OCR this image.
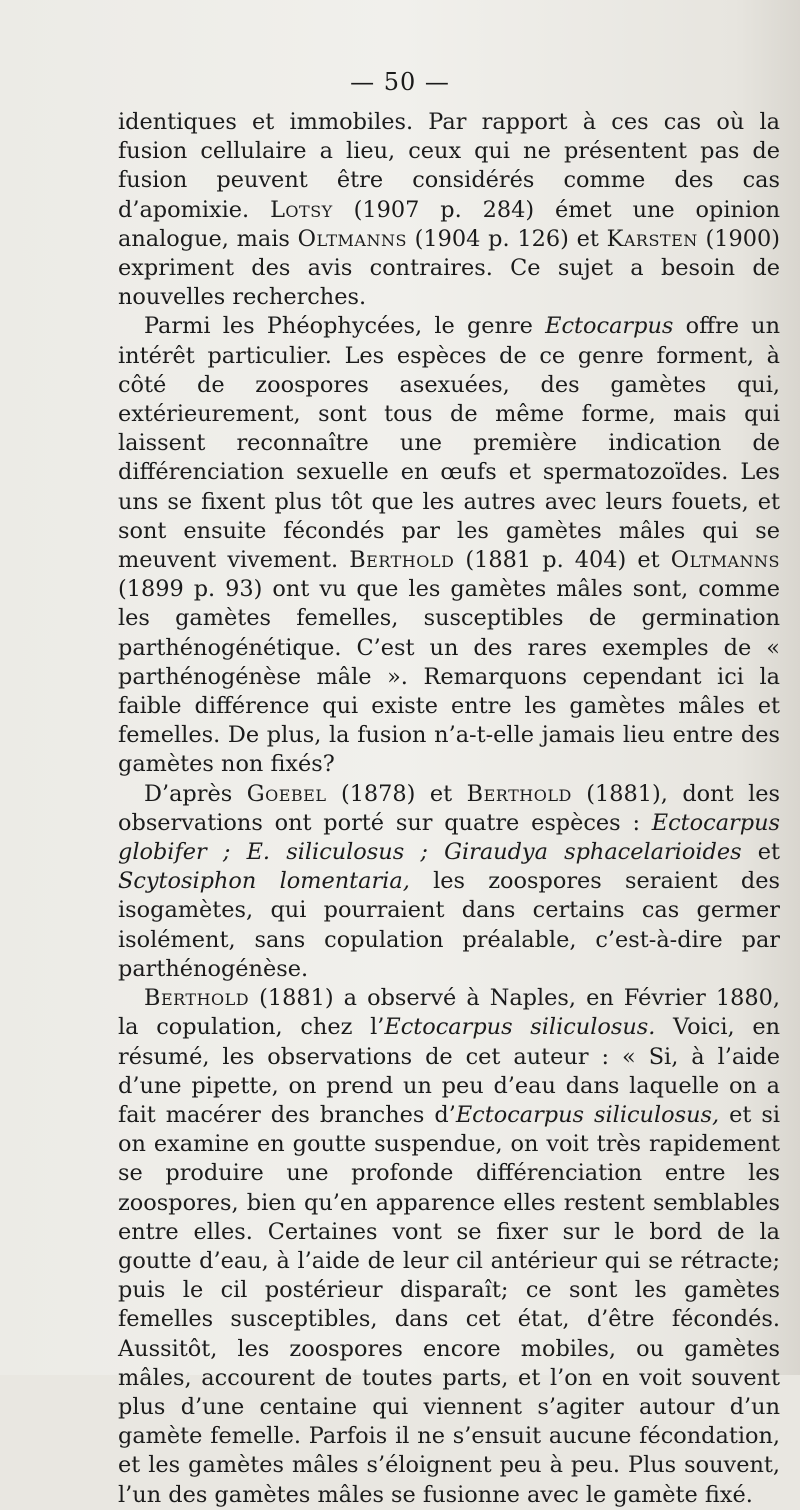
— 50 —

identiques et immobiles. Par rapport à ces cas où la fusion cellulaire a lieu, ceux qui ne présentent pas de fusion peuvent être considérés comme des cas d’apomixie. Lotsy (1907 p. 284) émet une opinion analogue, mais Oltmanns (1904 p. 126) et Karsten (1900) expriment des avis contraires. Ce sujet a besoin de nouvelles recherches.

Parmi les Phéophycées, le genre Ectocarpus offre un intérêt particulier. Les espèces de ce genre forment, à côté de zoospores asexuées, des gamètes qui, extérieurement, sont tous de même forme, mais qui laissent reconnaître une première indication de différenciation sexuelle en œufs et spermatozoïdes. Les uns se fixent plus tôt que les autres avec leurs fouets, et sont ensuite fécondés par les gamètes mâles qui se meuvent vivement. Berthold (1881 p. 404) et Oltmanns (1899 p. 93) ont vu que les gamètes mâles sont, comme les gamètes femelles, susceptibles de germination parthénogénétique. C’est un des rares exemples de « parthénogénèse mâle ». Remarquons cependant ici la faible différence qui existe entre les gamètes mâles et femelles. De plus, la fusion n’a-t-elle jamais lieu entre des gamètes non fixés?

D’après Goebel (1878) et Berthold (1881), dont les observations ont porté sur quatre espèces : Ectocarpus globifer ; E. siliculosus ; Giraudya sphacelarioides et Scytosiphon lomentaria, les zoospores seraient des isogamètes, qui pourraient dans certains cas germer isolément, sans copulation préalable, c’est-à-dire par parthénogénèse.

Berthold (1881) a observé à Naples, en Février 1880, la copulation, chez l’Ectocarpus siliculosus. Voici, en résumé, les observations de cet auteur : « Si, à l’aide d’une pipette, on prend un peu d’eau dans laquelle on a fait macérer des branches d’Ectocarpus siliculosus, et si on examine en goutte suspendue, on voit très rapidement se produire une profonde différenciation entre les zoospores, bien qu’en apparence elles restent semblables entre elles. Certaines vont se fixer sur le bord de la goutte d’eau, à l’aide de leur cil antérieur qui se rétracte; puis le cil postérieur disparaît; ce sont les gamètes femelles susceptibles, dans cet état, d’être fécondés. Aussitôt, les zoospores encore mobiles, ou gamètes mâles, accourent de toutes parts, et l’on en voit souvent plus d’une centaine qui viennent s’agiter autour d’un gamète femelle. Parfois il ne s’ensuit aucune fécondation, et les gamètes mâles s’éloignent peu à peu. Plus souvent, l’un des gamètes mâles se fusionne avec le gamète fixé.
